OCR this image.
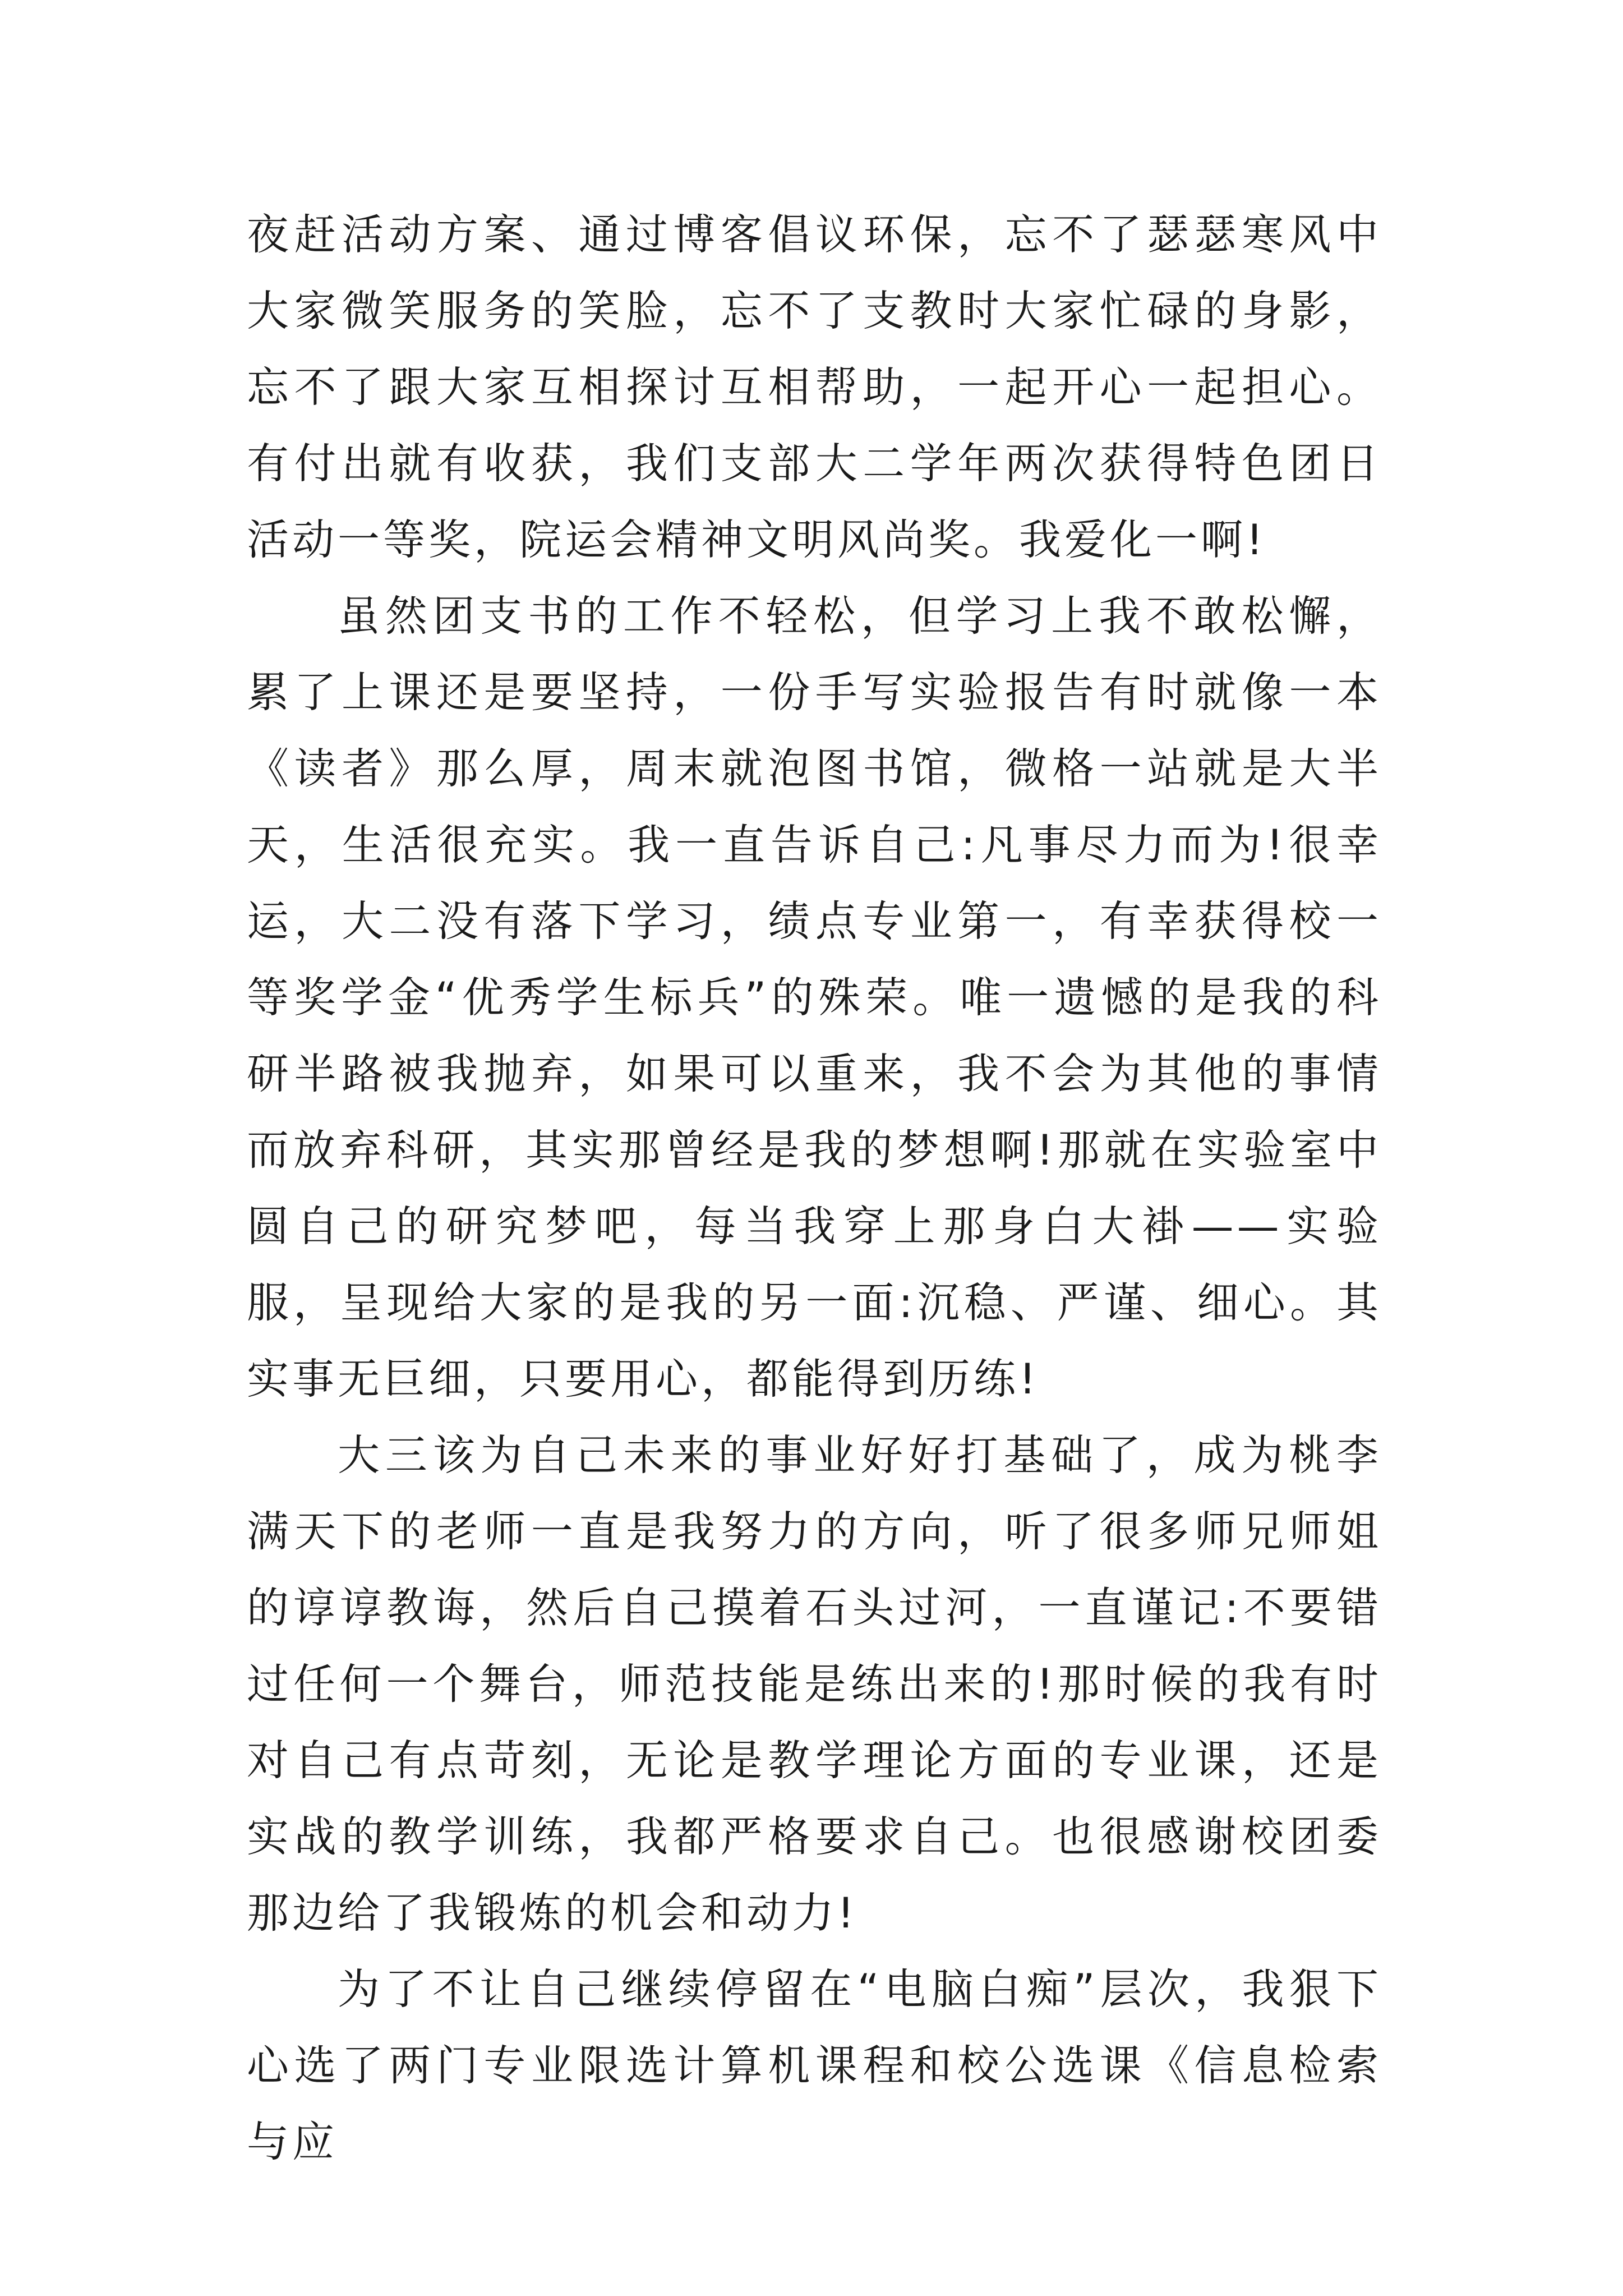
夜赶活动方案、通过博客倡议环保，忘不了瑟瑟寒风中大家微笑服务的笑脸，忘不了支教时大家忙碌的身影，忘不了跟大家互相探讨互相帮助，一起开心一起担心。有付出就有收获，我们支部大二学年两次获得特色团日活动一等奖，院运会精神文明风尚奖。我爱化一啊!

虽然团支书的工作不轻松，但学习上我不敢松懈， 累了上课还是要坚持，一份手写实验报告有时就像一本《读者》那么厚，周末就泡图书馆，微格一站就是大半天，生活很充实。我一直告诉自己:凡事尽力而为!很幸运，大二没有落下学习，绩点专业第一，有幸获得校一等奖学金“优秀学生标兵”的殊荣。唯一遗憾的是我的科研半路被我抛弃，如果可以重来，我不会为其他的事情而放弃科研，其实那曾经是我的梦想啊!那就在实验室中圆自己的研究梦吧，每当我穿上那身白大褂——实验服，呈现给大家的是我的另一面:沉稳、严谨、细心。其实事无巨细，只要用心，都能得到历练!

大三该为自己未来的事业好好打基础了，成为桃李满天下的老师一直是我努力的方向，听了很多师兄师姐的谆谆教诲，然后自己摸着石头过河，一直谨记:不要错过任何一个舞台，师范技能是练出来的!那时候的我有时对自己有点苛刻，无论是教学理论方面的专业课，还是实战的教学训练，我都严格要求自己。也很感谢校团委那边给了我锻炼的机会和动力!

为了不让自己继续停留在“电脑白痴”层次，我狠下心选了两门专业限选计算机课程和校公选课《信息检索与应
